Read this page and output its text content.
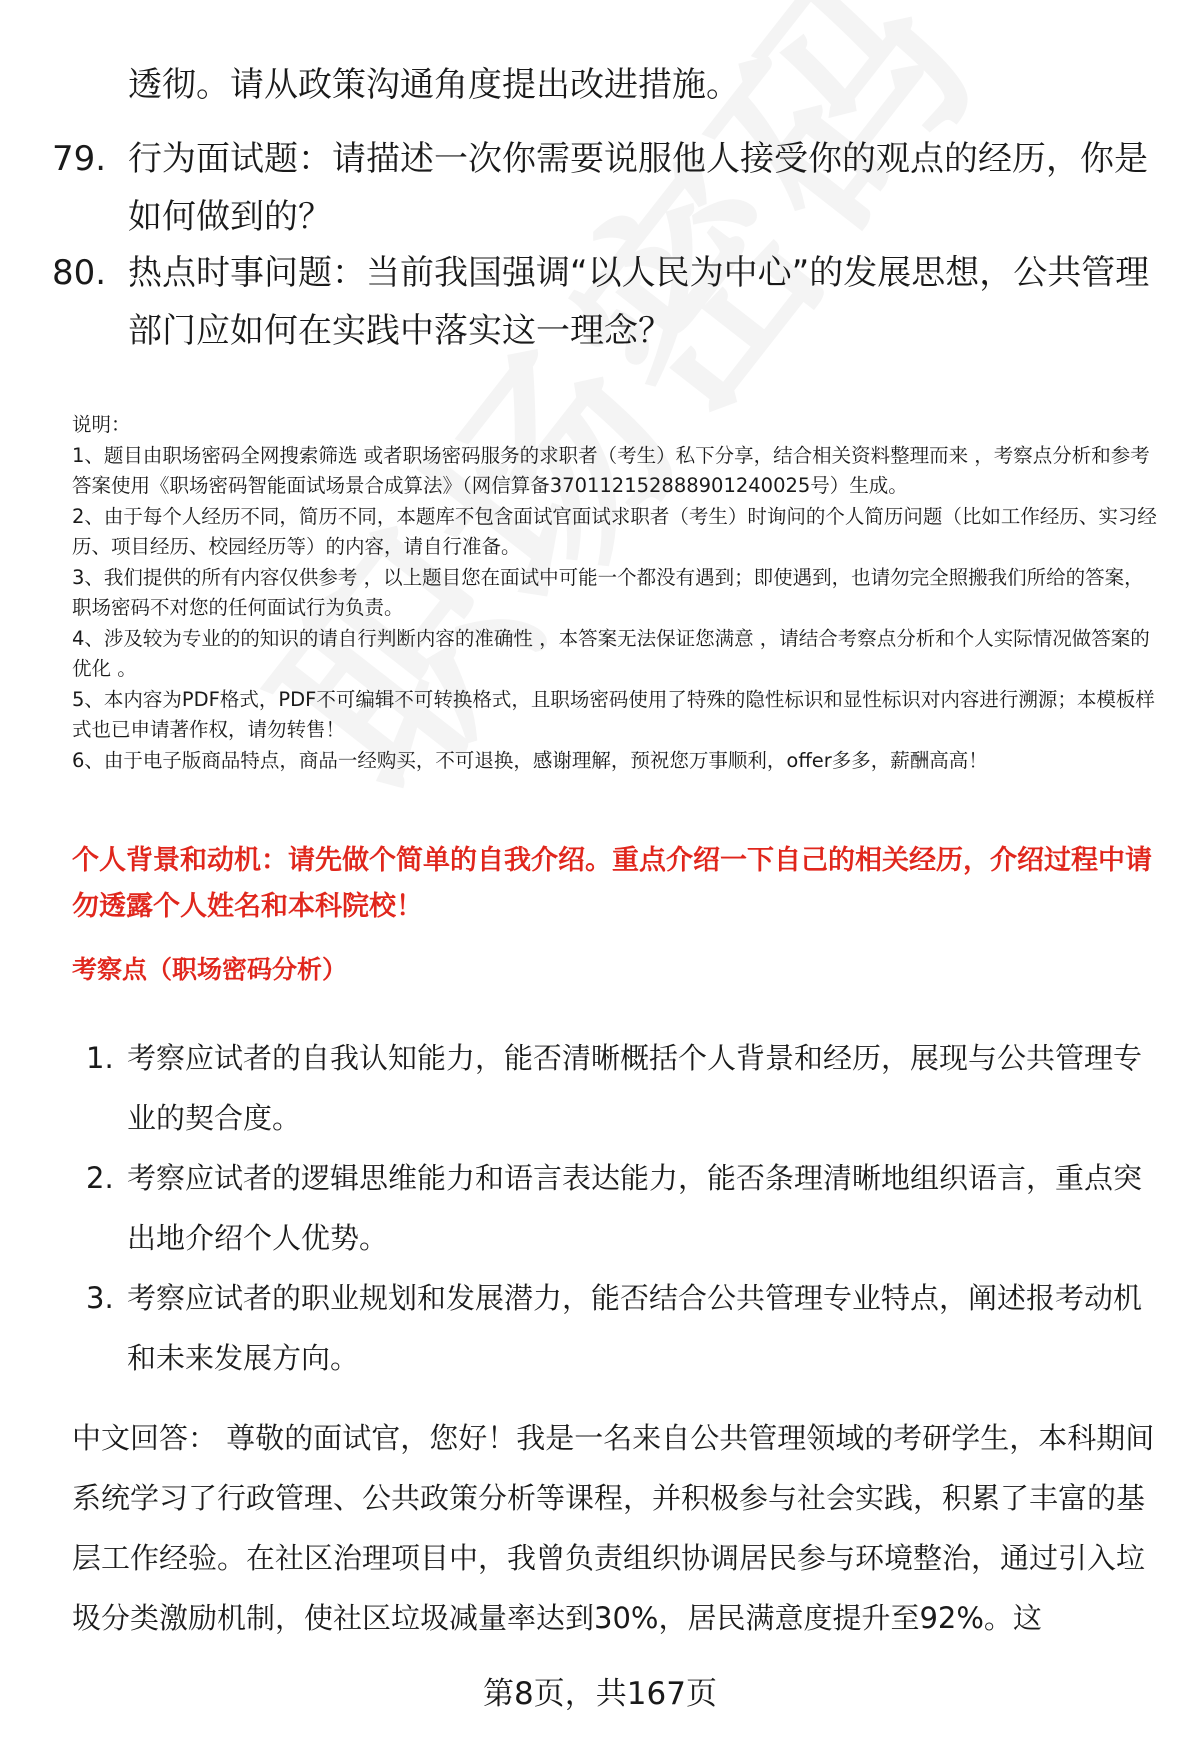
透彻。请从政策沟通角度提出改进措施。
79. 行为面试题：请描述一次你需要说服他人接受你的观点的经历，你是如何做到的？
80. 热点时事问题：当前我国强调“以人民为中心”的发展思想，公共管理部门应如何在实践中落实这一理念？

说明：

1、题目由职场密码全网搜索筛选 或者职场密码服务的求职者（考生）私下分享，结合相关资料整理而来 ，考察点分析和参考答案使用《职场密码智能面试场景合成算法》（网信算备370112152888901240025号）生成。

2、由于每个人经历不同，简历不同，本题库不包含面试官面试求职者（考生）时询问的个人简历问题（比如工作经历、实习经历、项目经历、校园经历等）的内容，请自行准备。

3、我们提供的所有内容仅供参考 ，以上题目您在面试中可能一个都没有遇到；即使遇到，也请勿完全照搬我们所给的答案，职场密码不对您的任何面试行为负责。

4、涉及较为专业的的知识的请自行判断内容的准确性 ，本答案无法保证您满意 ，请结合考察点分析和个人实际情况做答案的优化 。

5、本内容为PDF格式，PDF不可编辑不可转换格式，且职场密码使用了特殊的隐性标识和显性标识对内容进行溯源；本模板样式也已申请著作权，请勿转售！

6、由于电子版商品特点，商品一经购买，不可退换，感谢理解，预祝您万事顺利，offer多多，薪酬高高！

个人背景和动机：请先做个简单的自我介绍。重点介绍一下自己的相关经历，介绍过程中请勿透露个人姓名和本科院校！
考察点（职场密码分析）
1. 考察应试者的自我认知能力，能否清晰概括个人背景和经历，展现与公共管理专业的契合度。
2. 考察应试者的逻辑思维能力和语言表达能力，能否条理清晰地组织语言，重点突出地介绍个人优势。
3. 考察应试者的职业规划和发展潜力，能否结合公共管理专业特点，阐述报考动机和未来发展方向。

中文回答： 尊敬的面试官，您好！我是一名来自公共管理领域的考研学生，本科期间系统学习了行政管理、公共政策分析等课程，并积极参与社会实践，积累了丰富的基层工作经验。在社区治理项目中，我曾负责组织协调居民参与环境整治，通过引入垃圾分类激励机制，使社区垃圾减量率达到30%，居民满意度提升至92%。这

第8页，共167页
